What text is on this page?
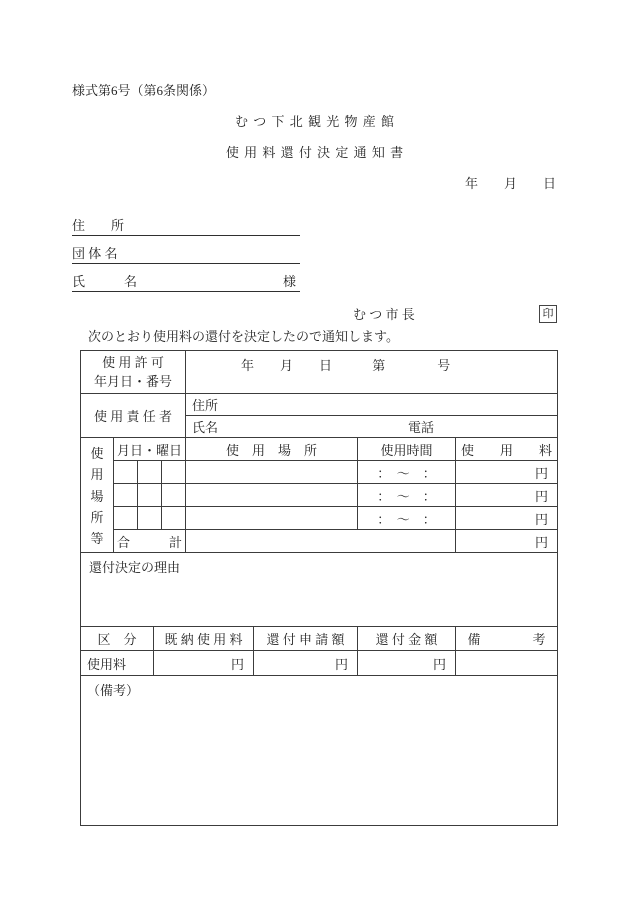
様式第6号（第6条関係）
む つ 下 北 観 光 物 産 館
使 用 料 還 付 決 定 通 知 書
年　　月　　日
住　　所
団 体 名
氏　　　名	様
む つ 市 長	印
次のとおり使用料の還付を決定したので通知します。
使 用 許 可
年月日・番号	年　　月　　日 第　　　　号
使 用 責 任 者	住所

	氏名 電話
使
用
場
所
等	月日・曜日			使　用　場　所	使用時間	使　　用　　料
					：　～　：	円
					：　～　：	円
					：　～　：	円
	合　　　計					円
還付決定の理由
区　分	既 納 使 用 料	還 付 申 請 額	還 付 金 額	備　　　　考
使用料	円	円	円	
（備考）
